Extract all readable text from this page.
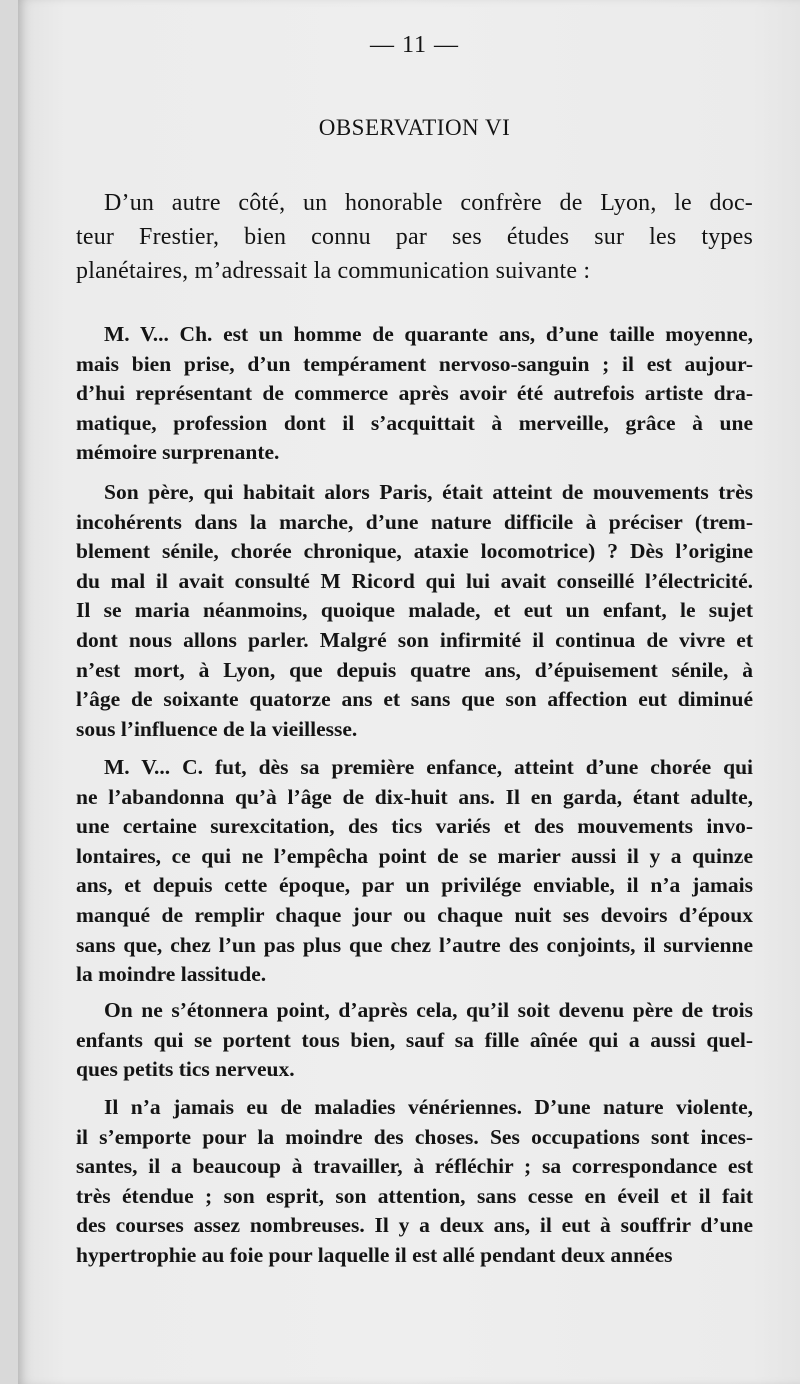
— 11 —
OBSERVATION VI

D’un autre côté, un honorable confrère de Lyon, le doc-
teur Frestier, bien connu par ses études sur les types
planétaires, m’adressait la communication suivante :

M. V... Ch. est un homme de quarante ans, d’une taille moyenne,
mais bien prise, d’un tempérament nervoso-sanguin ; il est aujour-
d’hui représentant de commerce après avoir été autrefois artiste dra-
matique, profession dont il s’acquittait à merveille, grâce à une
mémoire surprenante.

Son père, qui habitait alors Paris, était atteint de mouvements très
incohérents dans la marche, d’une nature difficile à préciser (trem-
blement sénile, chorée chronique, ataxie locomotrice) ? Dès l’origine
du mal il avait consulté M Ricord qui lui avait conseillé l’électricité.
Il se maria néanmoins, quoique malade, et eut un enfant, le sujet
dont nous allons parler. Malgré son infirmité il continua de vivre et
n’est mort, à Lyon, que depuis quatre ans, d’épuisement sénile, à
l’âge de soixante quatorze ans et sans que son affection eut diminué
sous l’influence de la vieillesse.

M. V... C. fut, dès sa première enfance, atteint d’une chorée qui
ne l’abandonna qu’à l’âge de dix-huit ans. Il en garda, étant adulte,
une certaine surexcitation, des tics variés et des mouvements invo-
lontaires, ce qui ne l’empêcha point de se marier aussi il y a quinze
ans, et depuis cette époque, par un privilége enviable, il n’a jamais
manqué de remplir chaque jour ou chaque nuit ses devoirs d’époux
sans que, chez l’un pas plus que chez l’autre des conjoints, il survienne
la moindre lassitude.

On ne s’étonnera point, d’après cela, qu’il soit devenu père de trois
enfants qui se portent tous bien, sauf sa fille aînée qui a aussi quel-
ques petits tics nerveux.

Il n’a jamais eu de maladies vénériennes. D’une nature violente,
il s’emporte pour la moindre des choses. Ses occupations sont inces-
santes, il a beaucoup à travailler, à réfléchir ; sa correspondance est
très étendue ; son esprit, son attention, sans cesse en éveil et il fait
des courses assez nombreuses. Il y a deux ans, il eut à souffrir d’une
hypertrophie au foie pour laquelle il est allé pendant deux années
